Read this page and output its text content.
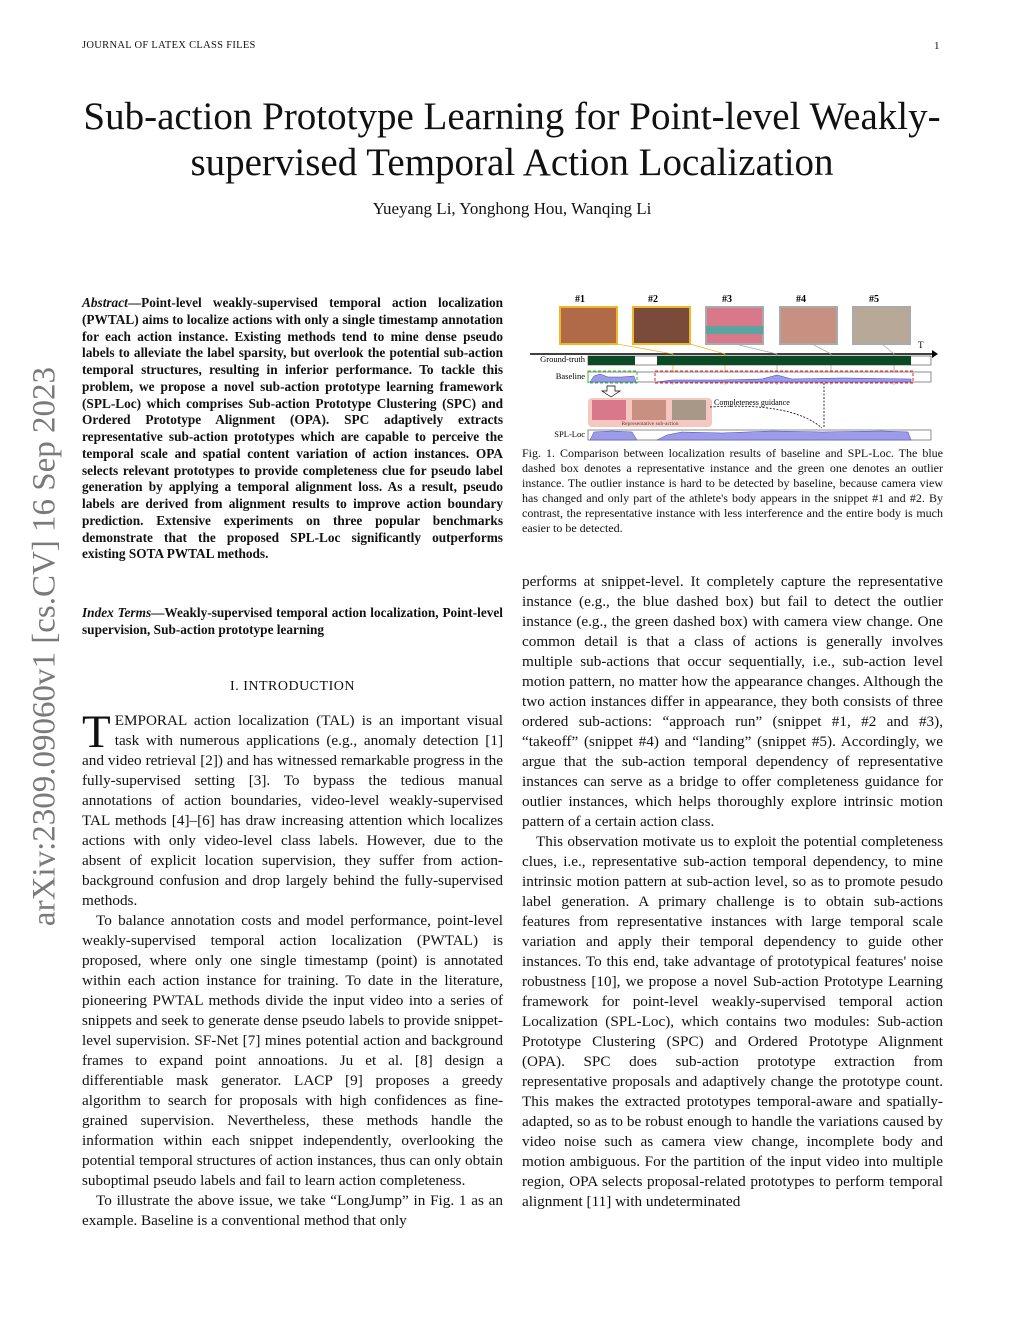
JOURNAL OF LATEX CLASS FILES	1
Sub-action Prototype Learning for Point-level Weakly-supervised Temporal Action Localization
Yueyang Li, Yonghong Hou, Wanqing Li
arXiv:2309.09060v1 [cs.CV] 16 Sep 2023
Abstract—Point-level weakly-supervised temporal action localization (PWTAL) aims to localize actions with only a single timestamp annotation for each action instance. Existing methods tend to mine dense pseudo labels to alleviate the label sparsity, but overlook the potential sub-action temporal structures, resulting in inferior performance. To tackle this problem, we propose a novel sub-action prototype learning framework (SPL-Loc) which comprises Sub-action Prototype Clustering (SPC) and Ordered Prototype Alignment (OPA). SPC adaptively extracts representative sub-action prototypes which are capable to perceive the temporal scale and spatial content variation of action instances. OPA selects relevant prototypes to provide completeness clue for pseudo label generation by applying a temporal alignment loss. As a result, pseudo labels are derived from alignment results to improve action boundary prediction. Extensive experiments on three popular benchmarks demonstrate that the proposed SPL-Loc significantly outperforms existing SOTA PWTAL methods.
Index Terms—Weakly-supervised temporal action localization, Point-level supervision, Sub-action prototype learning
I. INTRODUCTION

TEMPORAL action localization (TAL) is an important visual task with numerous applications (e.g., anomaly detection [1] and video retrieval [2]) and has witnessed remarkable progress in the fully-supervised setting [3]. To bypass the tedious manual annotations of action boundaries, video-level weakly-supervised TAL methods [4]–[6] has draw increasing attention which localizes actions with only video-level class labels. However, due to the absent of explicit location supervision, they suffer from action-background confusion and drop largely behind the fully-supervised methods.

To balance annotation costs and model performance, point-level weakly-supervised temporal action localization (PWTAL) is proposed, where only one single timestamp (point) is annotated within each action instance for training. To date in the literature, pioneering PWTAL methods divide the input video into a series of snippets and seek to generate dense pseudo labels to provide snippet-level supervision. SF-Net [7] mines potential action and background frames to expand point annoations. Ju et al. [8] design a differentiable mask generator. LACP [9] proposes a greedy algorithm to search for proposals with high confidences as fine-grained supervision. Nevertheless, these methods handle the information within each snippet independently, overlooking the potential temporal structures of action instances, thus can only obtain suboptimal pseudo labels and fail to learn action completeness.

To illustrate the above issue, we take “LongJump” in Fig. 1 as an example. Baseline is a conventional method that only

#1	#2	#3	#4	#5
T
Ground-truth
Baseline
Representative sub-action
Completeness guidance
SPL-Loc
Fig. 1. Comparison between localization results of baseline and SPL-Loc. The blue dashed box denotes a representative instance and the green one denotes an outlier instance. The outlier instance is hard to be detected by baseline, because camera view has changed and only part of the athlete's body appears in the snippet #1 and #2. By contrast, the representative instance with less interference and the entire body is much easier to be detected.

performs at snippet-level. It completely capture the representative instance (e.g., the blue dashed box) but fail to detect the outlier instance (e.g., the green dashed box) with camera view change. One common detail is that a class of actions is generally involves multiple sub-actions that occur sequentially, i.e., sub-action level motion pattern, no matter how the appearance changes. Although the two action instances differ in appearance, they both consists of three ordered sub-actions: “approach run” (snippet #1, #2 and #3), “takeoff” (snippet #4) and “landing” (snippet #5). Accordingly, we argue that the sub-action temporal dependency of representative instances can serve as a bridge to offer completeness guidance for outlier instances, which helps thoroughly explore intrinsic motion pattern of a certain action class.

This observation motivate us to exploit the potential completeness clues, i.e., representative sub-action temporal dependency, to mine intrinsic motion pattern at sub-action level, so as to promote pesudo label generation. A primary challenge is to obtain sub-actions features from representative instances with large temporal scale variation and apply their temporal dependency to guide other instances. To this end, take advantage of prototypical features' noise robustness [10], we propose a novel Sub-action Prototype Learning framework for point-level weakly-supervised temporal action Localization (SPL-Loc), which contains two modules: Sub-action Prototype Clustering (SPC) and Ordered Prototype Alignment (OPA). SPC does sub-action prototype extraction from representative proposals and adaptively change the prototype count. This makes the extracted prototypes temporal-aware and spatially-adapted, so as to be robust enough to handle the variations caused by video noise such as camera view change, incomplete body and motion ambiguous. For the partition of the input video into multiple region, OPA selects proposal-related prototypes to perform temporal alignment [11] with undeterminated
